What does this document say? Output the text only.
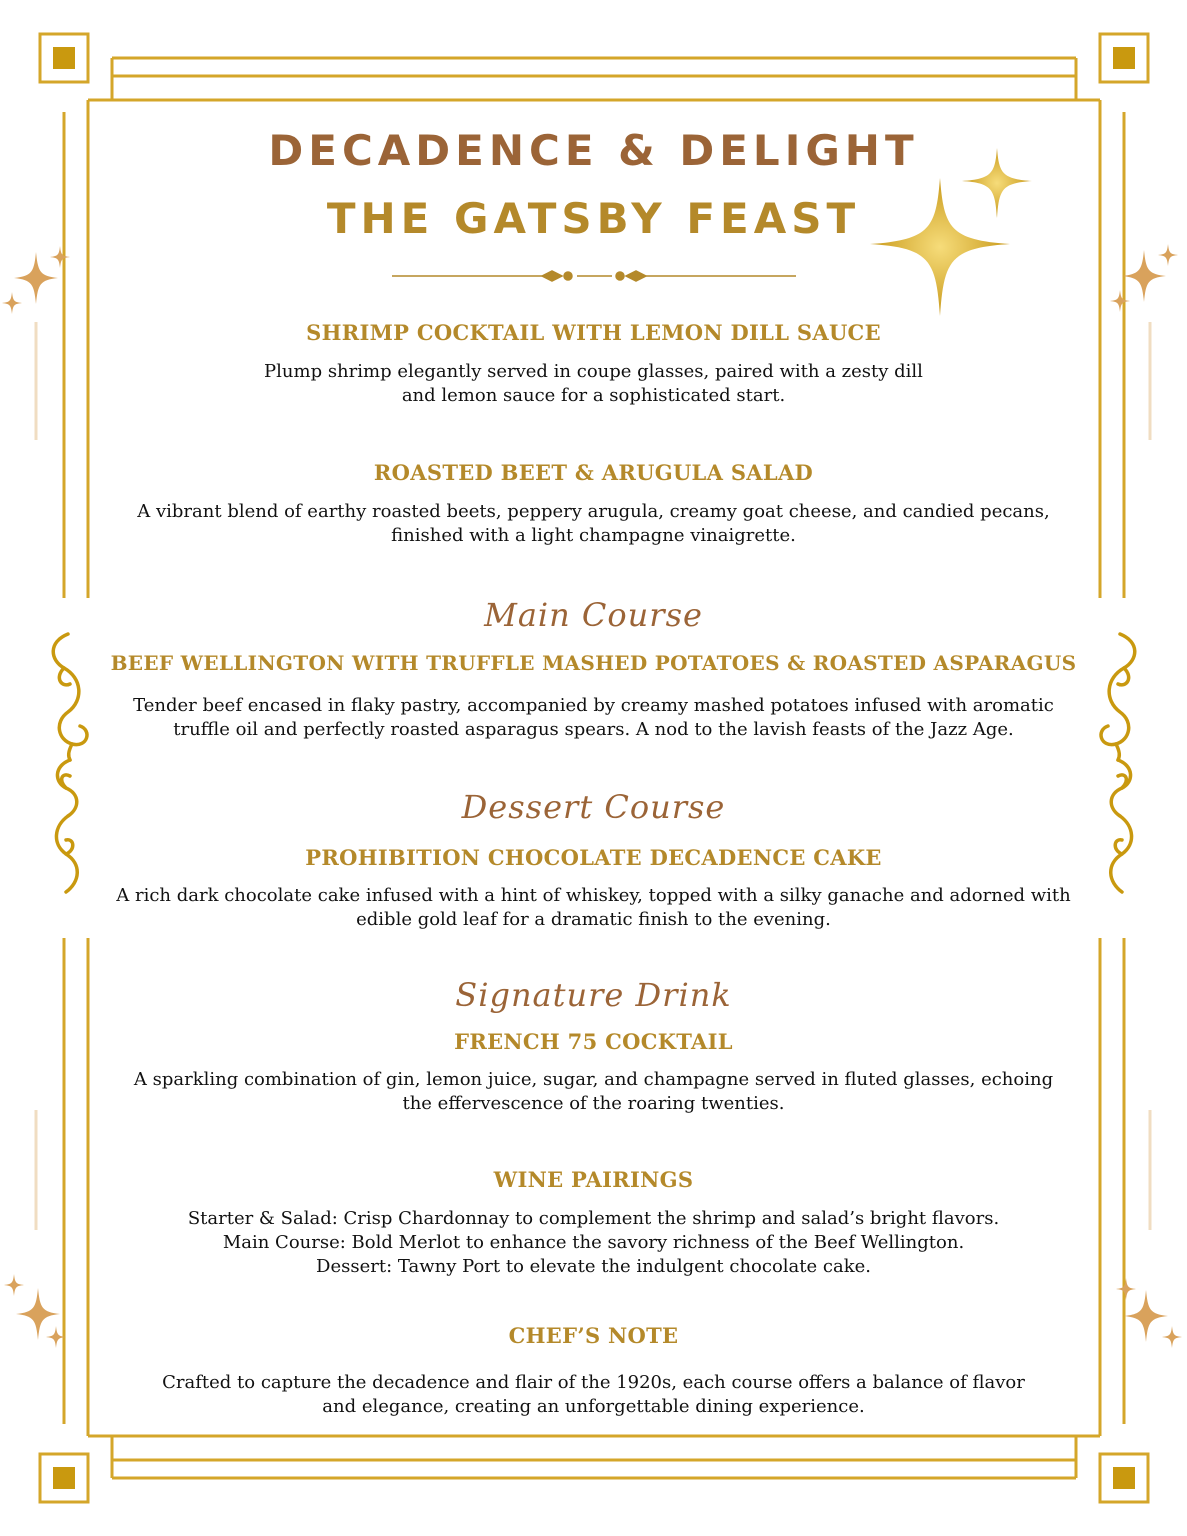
DECADENCE & DELIGHT
THE GATSBY FEAST
SHRIMP COCKTAIL WITH LEMON DILL SAUCE
Plump shrimp elegantly served in coupe glasses, paired with a zesty dill
and lemon sauce for a sophisticated start.
ROASTED BEET & ARUGULA SALAD
A vibrant blend of earthy roasted beets, peppery arugula, creamy goat cheese, and candied pecans,
finished with a light champagne vinaigrette.
Main Course
BEEF WELLINGTON WITH TRUFFLE MASHED POTATOES & ROASTED ASPARAGUS
Tender beef encased in flaky pastry, accompanied by creamy mashed potatoes infused with aromatic
truffle oil and perfectly roasted asparagus spears. A nod to the lavish feasts of the Jazz Age.
Dessert Course
PROHIBITION CHOCOLATE DECADENCE CAKE
A rich dark chocolate cake infused with a hint of whiskey, topped with a silky ganache and adorned with
edible gold leaf for a dramatic finish to the evening.
Signature Drink
FRENCH 75 COCKTAIL
A sparkling combination of gin, lemon juice, sugar, and champagne served in fluted glasses, echoing
the effervescence of the roaring twenties.
WINE PAIRINGS
Starter & Salad: Crisp Chardonnay to complement the shrimp and salad’s bright flavors.
Main Course: Bold Merlot to enhance the savory richness of the Beef Wellington.
Dessert: Tawny Port to elevate the indulgent chocolate cake.
CHEF’S NOTE
Crafted to capture the decadence and flair of the 1920s, each course offers a balance of flavor
and elegance, creating an unforgettable dining experience.
